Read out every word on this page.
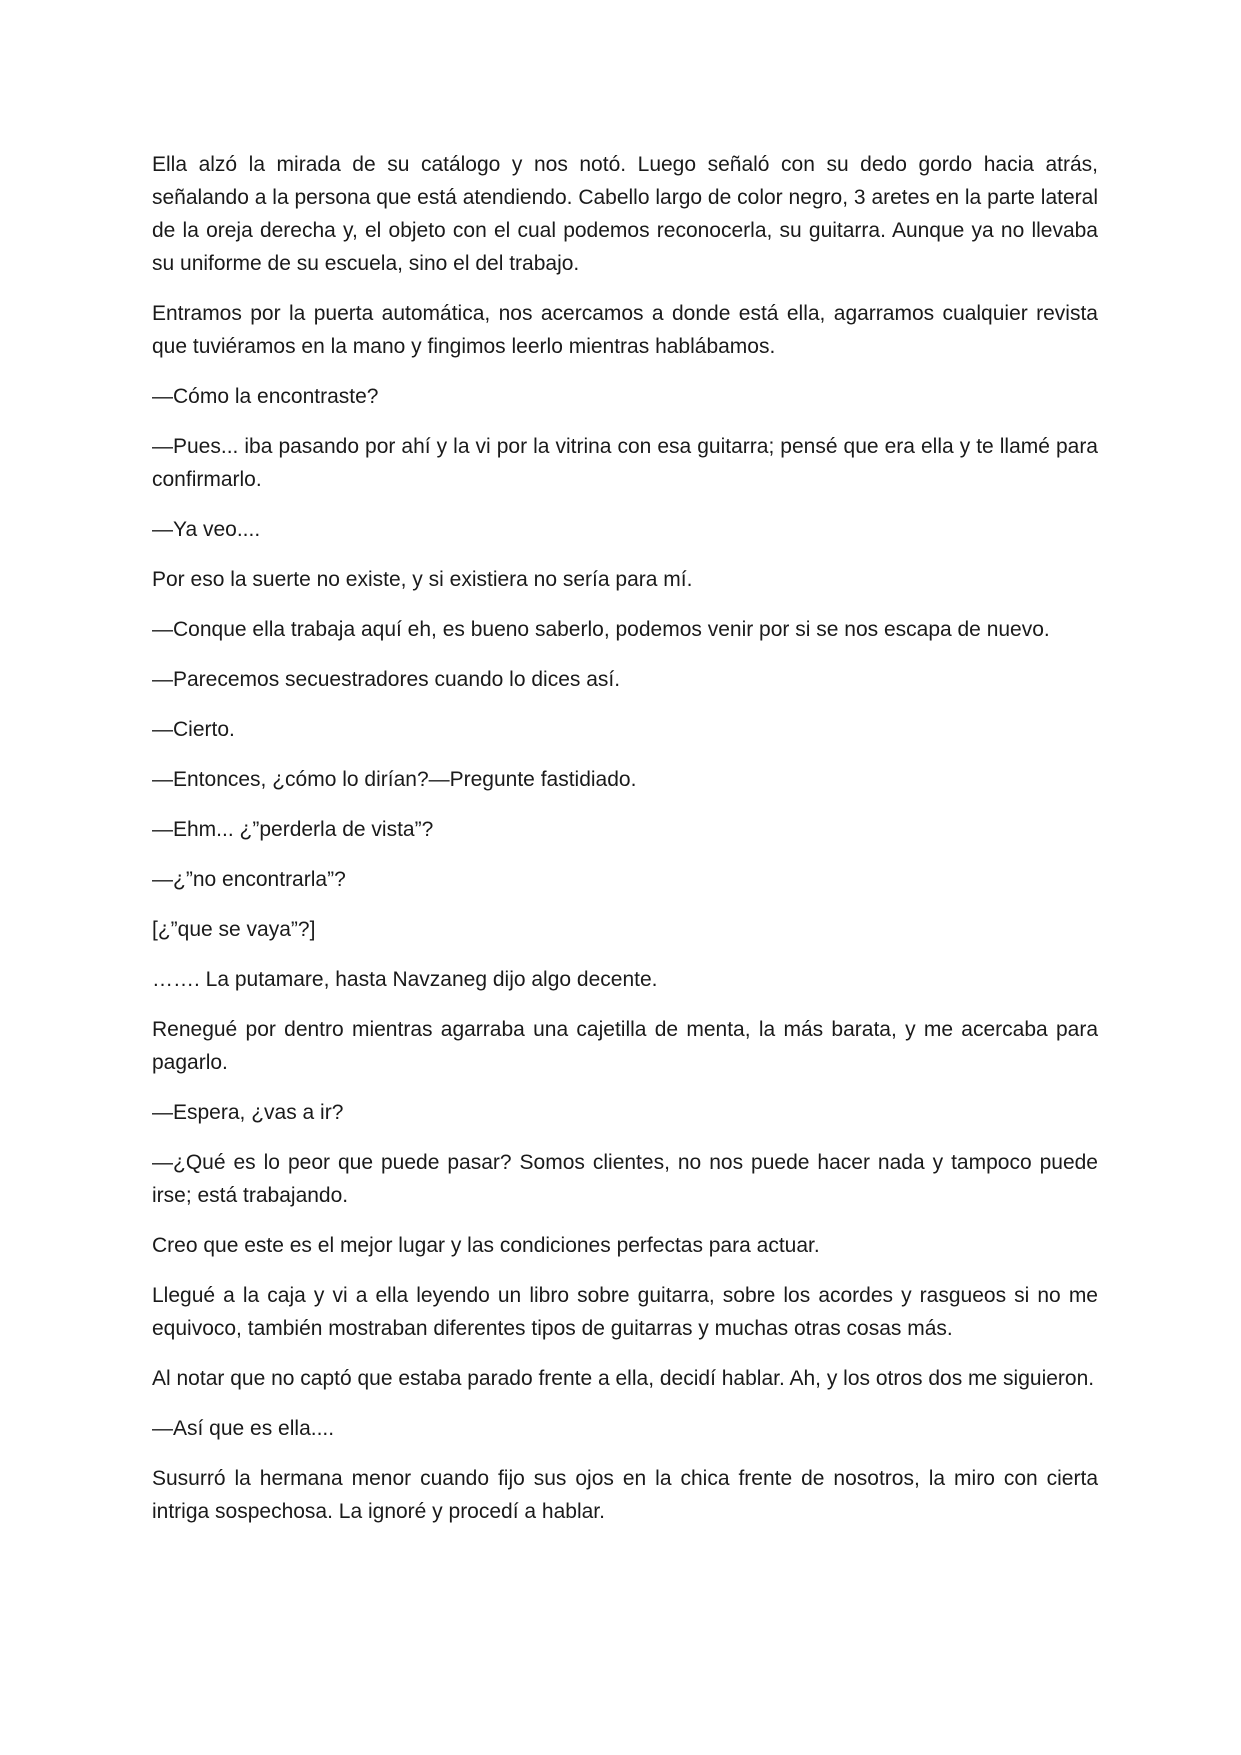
Ella alzó la mirada de su catálogo y nos notó. Luego señaló con su dedo gordo hacia atrás, señalando a la persona que está atendiendo. Cabello largo de color negro, 3 aretes en la parte lateral de la oreja derecha y, el objeto con el cual podemos reconocerla, su guitarra. Aunque ya no llevaba su uniforme de su escuela, sino el del trabajo.

Entramos por la puerta automática, nos acercamos a donde está ella, agarramos cualquier revista que tuviéramos en la mano y fingimos leerlo mientras hablábamos.

—Cómo la encontraste?

—Pues... iba pasando por ahí y la vi por la vitrina con esa guitarra; pensé que era ella y te llamé para confirmarlo.

—Ya veo....

Por eso la suerte no existe, y si existiera no sería para mí.

—Conque ella trabaja aquí eh, es bueno saberlo, podemos venir por si se nos escapa de nuevo.

—Parecemos secuestradores cuando lo dices así.

—Cierto.

—Entonces, ¿cómo lo dirían?—Pregunte fastidiado.

—Ehm... ¿”perderla de vista”?

—¿”no encontrarla”?

[¿”que se vaya”?]

……. La putamare, hasta Navzaneg dijo algo decente.

Renegué por dentro mientras agarraba una cajetilla de menta, la más barata, y me acercaba para pagarlo.

—Espera, ¿vas a ir?

—¿Qué es lo peor que puede pasar? Somos clientes, no nos puede hacer nada y tampoco puede irse; está trabajando.

Creo que este es el mejor lugar y las condiciones perfectas para actuar.

Llegué a la caja y vi a ella leyendo un libro sobre guitarra, sobre los acordes y rasgueos si no me equivoco, también mostraban diferentes tipos de guitarras y muchas otras cosas más.

Al notar que no captó que estaba parado frente a ella, decidí hablar. Ah, y los otros dos me siguieron.

—Así que es ella....

Susurró la hermana menor cuando fijo sus ojos en la chica frente de nosotros, la miro con cierta intriga sospechosa. La ignoré y procedí a hablar.
